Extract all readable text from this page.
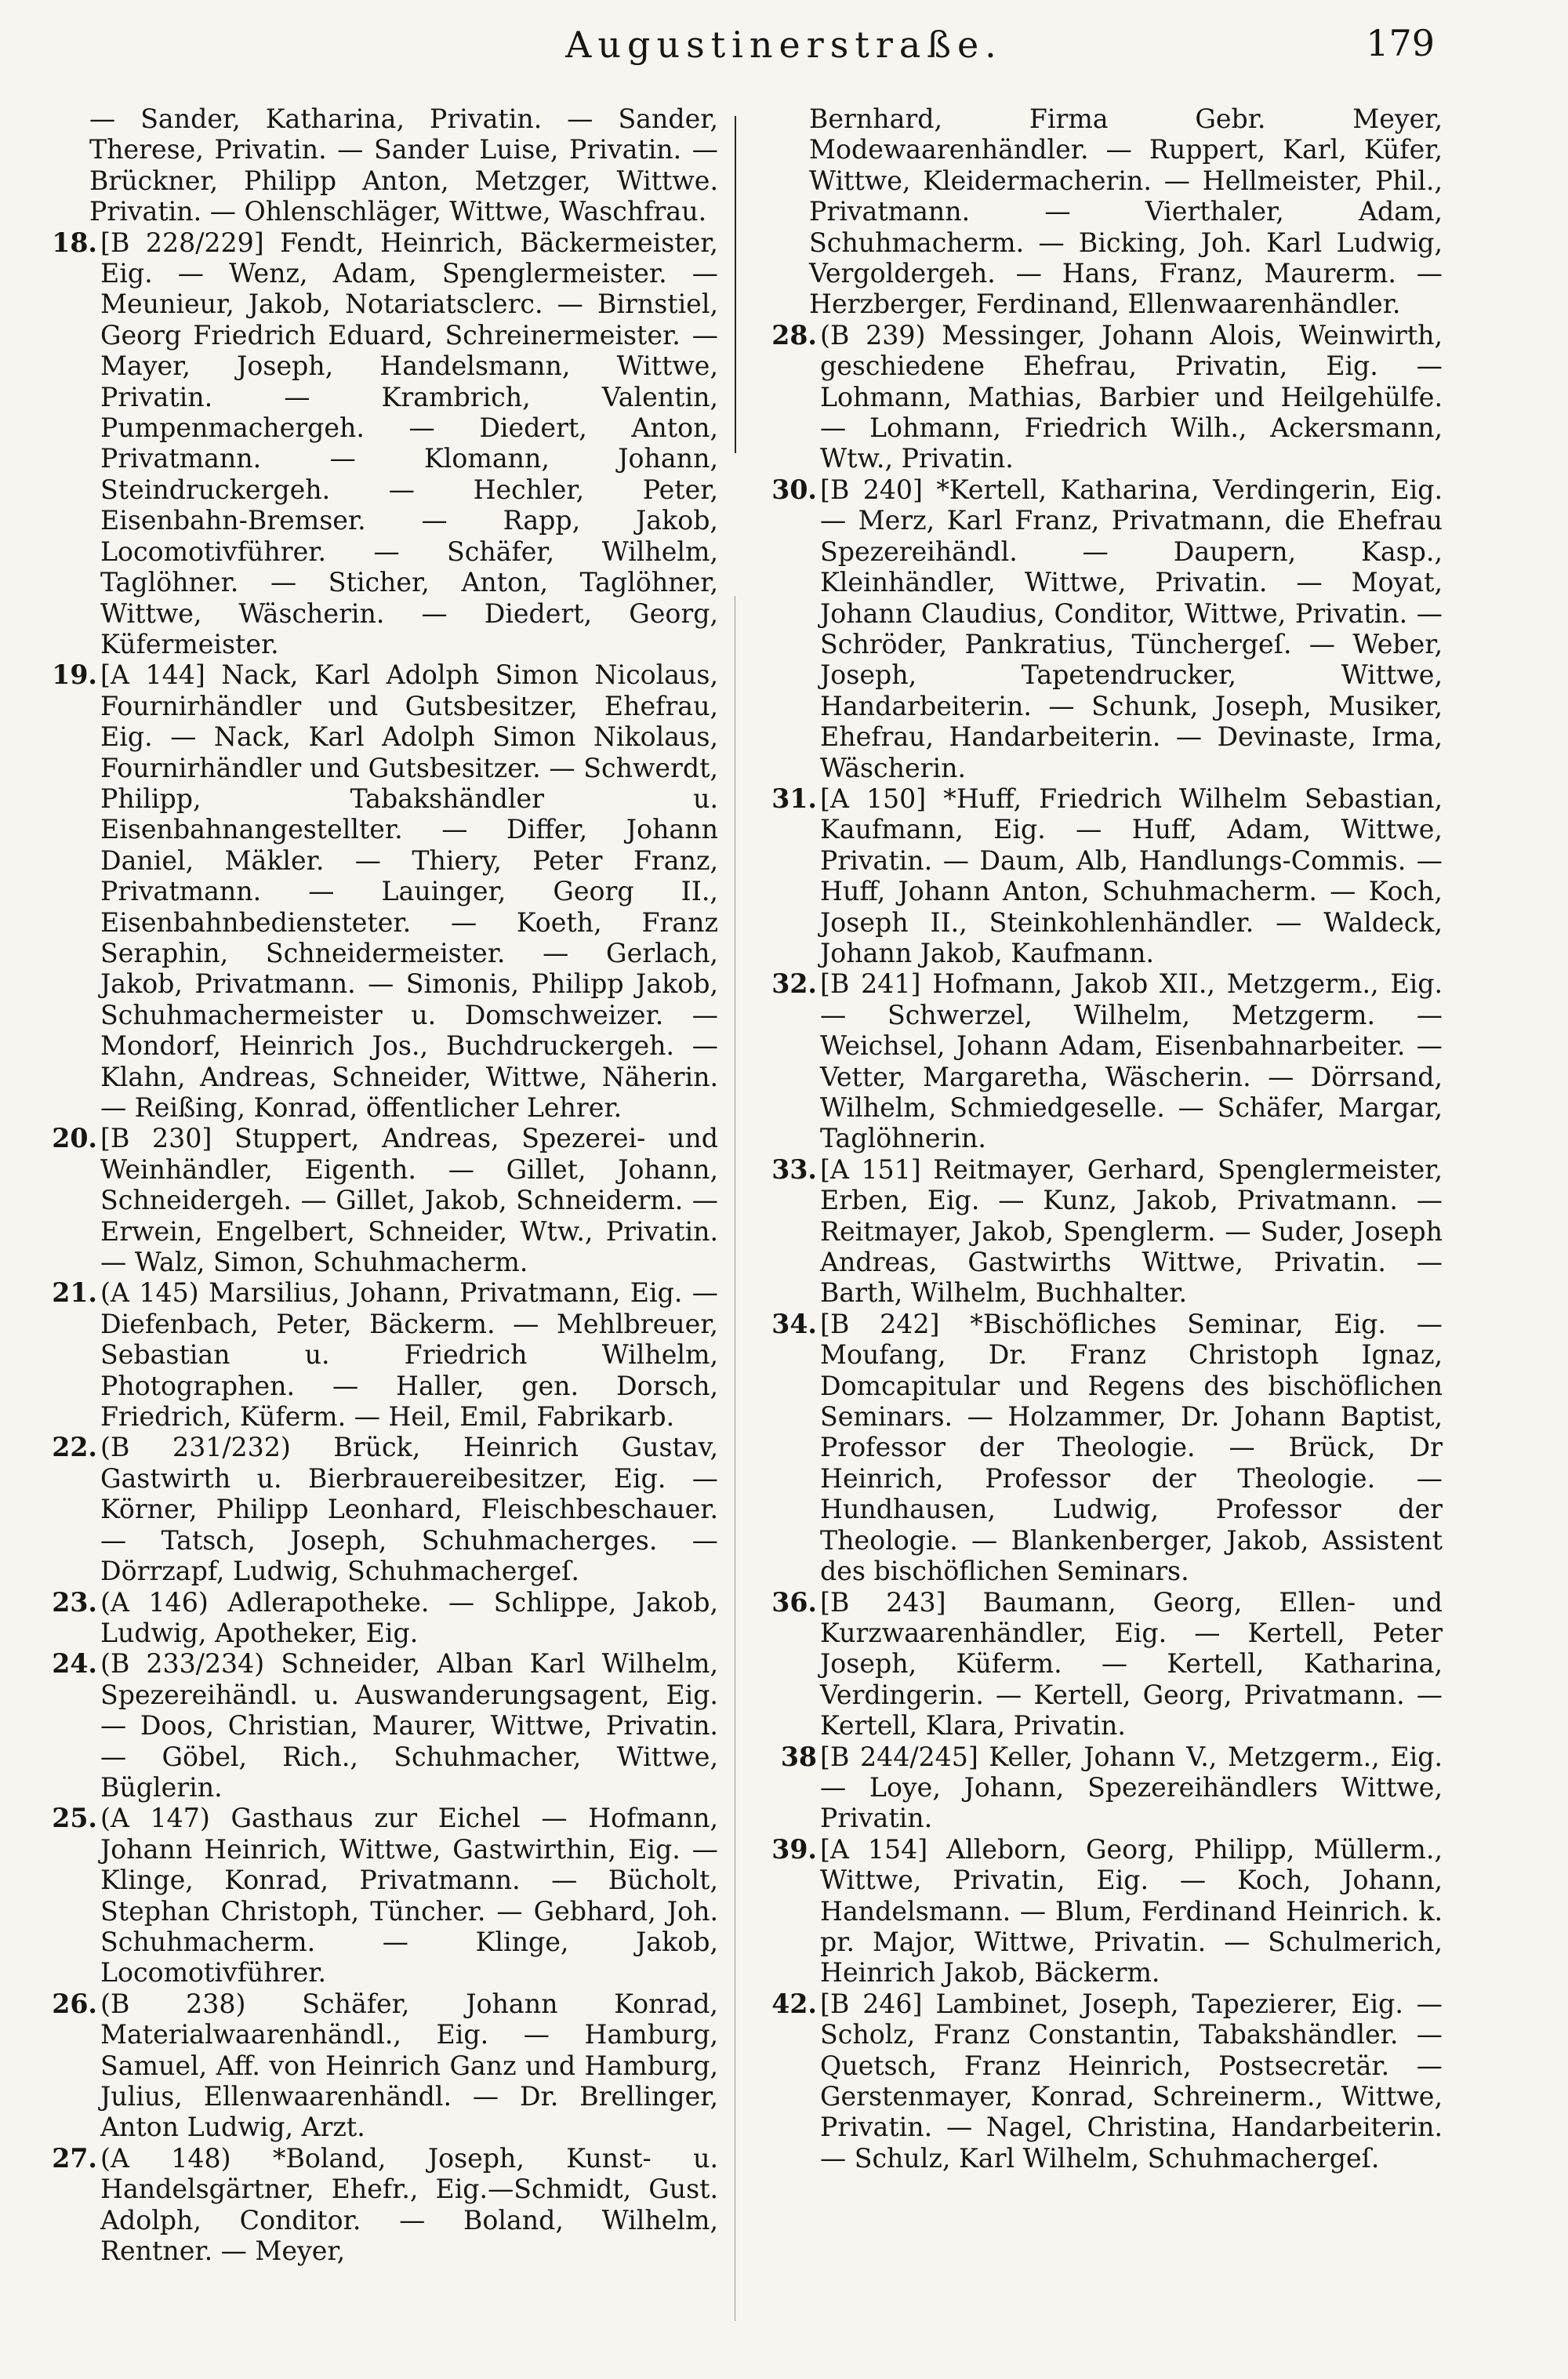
Augustinerstraße.	179
— Sander, Katharina, Privatin. — Sander, Therese, Privatin. — Sander Luise, Privatin. — Brückner, Philipp Anton, Metzger, Wittwe. Privatin. — Ohlenschläger, Wittwe, Waschfrau.
18. [B 228/229] Fendt, Heinrich, Bäckermeister, Eig. — Wenz, Adam, Spenglermeister. — Meunieur, Jakob, Notariatsclerc. — Birnstiel, Georg Friedrich Eduard, Schreinermeister. — Mayer, Joseph, Handelsmann, Wittwe, Privatin. — Krambrich, Valentin, Pumpenmachergeh. — Diedert, Anton, Privatmann. — Klomann, Johann, Steindruckergeh. — Hechler, Peter, Eisenbahn-Bremser. — Rapp, Jakob, Locomotivführer. — Schäfer, Wilhelm, Taglöhner. — Sticher, Anton, Taglöhner, Wittwe, Wäscherin. — Diedert, Georg, Küfermeister.
19. [A 144] Nack, Karl Adolph Simon Nicolaus, Fournirhändler und Gutsbesitzer, Ehefrau, Eig. — Nack, Karl Adolph Simon Nikolaus, Fournirhändler und Gutsbesitzer. — Schwerdt, Philipp, Tabakshändler u. Eisenbahnangestellter. — Differ, Johann Daniel, Mäkler. — Thiery, Peter Franz, Privatmann. — Lauinger, Georg II., Eisenbahnbediensteter. — Koeth, Franz Seraphin, Schneidermeister. — Gerlach, Jakob, Privatmann. — Simonis, Philipp Jakob, Schuhmachermeister u. Domschweizer. — Mondorf, Heinrich Jos., Buchdruckergeh. — Klahn, Andreas, Schneider, Wittwe, Näherin. — Reißing, Konrad, öffentlicher Lehrer.
20. [B 230] Stuppert, Andreas, Spezerei- und Weinhändler, Eigenth. — Gillet, Johann, Schneidergeh. — Gillet, Jakob, Schneiderm. — Erwein, Engelbert, Schneider, Wtw., Privatin. — Walz, Simon, Schuhmacherm.
21. (A 145) Marsilius, Johann, Privatmann, Eig. — Diefenbach, Peter, Bäckerm. — Mehlbreuer, Sebastian u. Friedrich Wilhelm, Photographen. — Haller, gen. Dorsch, Friedrich, Küferm. — Heil, Emil, Fabrikarb.
22. (B 231/232) Brück, Heinrich Gustav, Gastwirth u. Bierbrauereibesitzer, Eig. — Körner, Philipp Leonhard, Fleischbeschauer. — Tatsch, Joseph, Schuhmacherges. — Dörrzapf, Ludwig, Schuhmachergeſ.
23. (A 146) Adlerapotheke. — Schlippe, Jakob, Ludwig, Apotheker, Eig.
24. (B 233/234) Schneider, Alban Karl Wilhelm, Spezereihändl. u. Auswanderungsagent, Eig. — Doos, Christian, Maurer, Wittwe, Privatin. — Göbel, Rich., Schuhmacher, Wittwe, Büglerin.
25. (A 147) Gasthaus zur Eichel — Hofmann, Johann Heinrich, Wittwe, Gastwirthin, Eig. — Klinge, Konrad, Privatmann. — Bücholt, Stephan Christoph, Tüncher. — Gebhard, Joh. Schuhmacherm. — Klinge, Jakob, Locomotivführer.
26. (B 238) Schäfer, Johann Konrad, Materialwaarenhändl., Eig. — Hamburg, Samuel, Aff. von Heinrich Ganz und Hamburg, Julius, Ellenwaarenhändl. — Dr. Brellinger, Anton Ludwig, Arzt.
27. (A 148) *Boland, Joseph, Kunst- u. Handelsgärtner, Ehefr., Eig.—Schmidt, Gust. Adolph, Conditor. — Boland, Wilhelm, Rentner. — Meyer,
Bernhard, Firma Gebr. Meyer, Modewaarenhändler. — Ruppert, Karl, Küfer, Wittwe, Kleidermacherin. — Hellmeister, Phil., Privatmann. — Vierthaler, Adam, Schuhmacherm. — Bicking, Joh. Karl Ludwig, Vergoldergeh. — Hans, Franz, Maurerm. — Herzberger, Ferdinand, Ellenwaarenhändler.
28. (B 239) Messinger, Johann Alois, Weinwirth, geschiedene Ehefrau, Privatin, Eig. — Lohmann, Mathias, Barbier und Heilgehülfe. — Lohmann, Friedrich Wilh., Ackersmann, Wtw., Privatin.
30. [B 240] *Kertell, Katharina, Verdingerin, Eig. — Merz, Karl Franz, Privatmann, die Ehefrau Spezereihändl. — Daupern, Kasp., Kleinhändler, Wittwe, Privatin. — Moyat, Johann Claudius, Conditor, Wittwe, Privatin. — Schröder, Pankratius, Tünchergeſ. — Weber, Joseph, Tapetendrucker, Wittwe, Handarbeiterin. — Schunk, Joseph, Musiker, Ehefrau, Handarbeiterin. — Devinaste, Irma, Wäscherin.
31. [A 150] *Huff, Friedrich Wilhelm Sebastian, Kaufmann, Eig. — Huff, Adam, Wittwe, Privatin. — Daum, Alb, Handlungs-Commis. — Huff, Johann Anton, Schuhmacherm. — Koch, Joseph II., Steinkohlenhändler. — Waldeck, Johann Jakob, Kaufmann.
32. [B 241] Hofmann, Jakob XII., Metzgerm., Eig. — Schwerzel, Wilhelm, Metzgerm. — Weichsel, Johann Adam, Eisenbahnarbeiter. — Vetter, Margaretha, Wäscherin. — Dörrsand, Wilhelm, Schmiedgeselle. — Schäfer, Margar, Taglöhnerin.
33. [A 151] Reitmayer, Gerhard, Spenglermeister, Erben, Eig. — Kunz, Jakob, Privatmann. — Reitmayer, Jakob, Spenglerm. — Suder, Joseph Andreas, Gastwirths Wittwe, Privatin. — Barth, Wilhelm, Buchhalter.
34. [B 242] *Bischöfliches Seminar, Eig. — Moufang, Dr. Franz Christoph Ignaz, Domcapitular und Regens des bischöflichen Seminars. — Holzammer, Dr. Johann Baptist, Professor der Theologie. — Brück, Dr Heinrich, Professor der Theologie. — Hundhausen, Ludwig, Professor der Theologie. — Blankenberger, Jakob, Assistent des bischöflichen Seminars.
36. [B 243] Baumann, Georg, Ellen- und Kurzwaarenhändler, Eig. — Kertell, Peter Joseph, Küferm. — Kertell, Katharina, Verdingerin. — Kertell, Georg, Privatmann. — Kertell, Klara, Privatin.
38 [B 244/245] Keller, Johann V., Metzgerm., Eig. — Loye, Johann, Spezereihändlers Wittwe, Privatin.
39. [A 154] Alleborn, Georg, Philipp, Müllerm., Wittwe, Privatin, Eig. — Koch, Johann, Handelsmann. — Blum, Ferdinand Heinrich. k. pr. Major, Wittwe, Privatin. — Schulmerich, Heinrich Jakob, Bäckerm.
42. [B 246] Lambinet, Joseph, Tapezierer, Eig. — Scholz, Franz Constantin, Tabakshändler. — Quetsch, Franz Heinrich, Postsecretär. — Gerstenmayer, Konrad, Schreinerm., Wittwe, Privatin. — Nagel, Christina, Handarbeiterin. — Schulz, Karl Wilhelm, Schuhmachergeſ.
